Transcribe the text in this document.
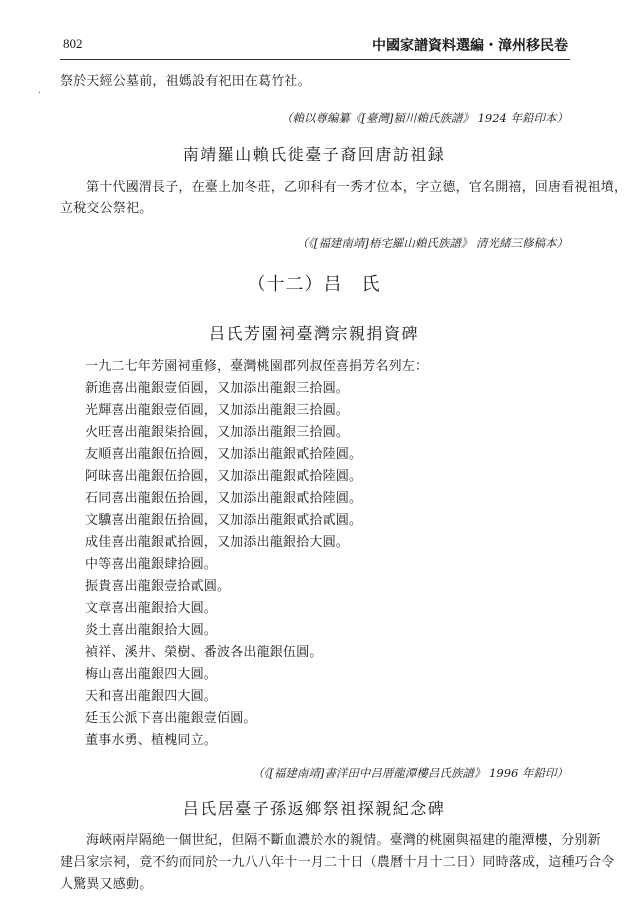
802	中國家譜資料選編・漳州移民卷
·
祭於天經公墓前，祖媽設有祀田在葛竹社。
（賴以尊編纂《[臺灣]潁川賴氏族譜》 1924 年鉛印本）
南靖羅山賴氏徙臺子裔回唐訪祖録
第十代國渭長子，在臺上加冬莊，乙卯科有一秀才位本，字立德，官名開禧，回唐看視祖墳，
立稅交公祭祀。
（《[福建南靖]梧宅羅山賴氏族譜》 清光緒三修稿本）
（十二）吕　氏
吕氏芳園祠臺灣宗親捐資碑
一九二七年芳園祠重修，臺灣桃園郡列叔侄喜捐芳名列左：
新進喜出龍銀壹佰圓，又加添出龍銀三拾圓。
光輝喜出龍銀壹佰圓，又加添出龍銀三拾圓。
火旺喜出龍銀柒拾圓，又加添出龍銀三拾圓。
友順喜出龍銀伍拾圓，又加添出龍銀貳拾陸圓。
阿昧喜出龍銀伍拾圓，又加添出龍銀貳拾陸圓。
石同喜出龍銀伍拾圓，又加添出龍銀貳拾陸圓。
文驥喜出龍銀伍拾圓，又加添出龍銀貳拾貳圓。
成佳喜出龍銀貳拾圓，又加添出龍銀拾大圓。
中等喜出龍銀肆拾圓。
振貴喜出龍銀壹拾貳圓。
文章喜出龍銀拾大圓。
炎土喜出龍銀拾大圓。
禎祥、溪井、榮樹、番波各出龍銀伍圓。
梅山喜出龍銀四大圓。
天和喜出龍銀四大圓。
廷玉公派下喜出龍銀壹佰圓。
董事水勇、植槐同立。
（《[福建南靖]書洋田中吕厝龍潭樓吕氏族譜》 1996 年鉛印）
吕氏居臺子孫返鄉祭祖探親紀念碑
海峽兩岸隔絶一個世紀，但隔不斷血濃於水的親情。臺灣的桃園與福建的龍潭樓，分别新
建吕家宗祠，竟不約而同於一九八八年十一月二十日（農曆十月十二日）同時落成，這種巧合令
人驚異又感動。
